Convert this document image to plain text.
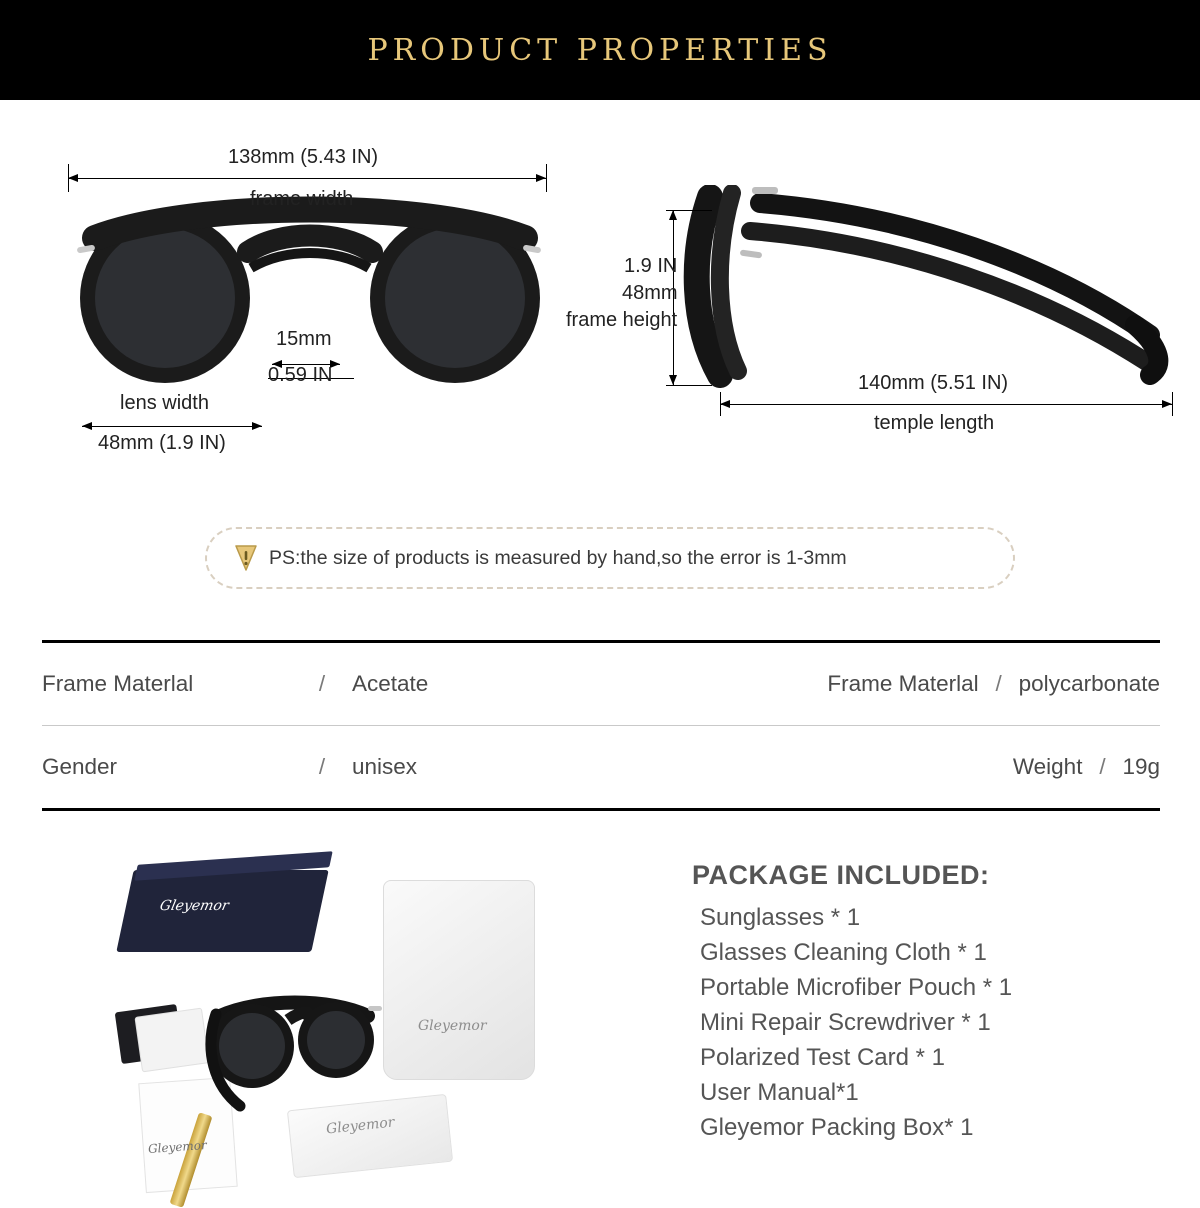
PRODUCT PROPERTIES
138mm (5.43 IN)
frame width
15mm
0.59 IN
lens width
48mm (1.9 IN)
1.9 IN
48mm
frame height
140mm (5.51 IN)
temple length
PS:the size of products is measured by hand,so the error is 1-3mm
Frame Materlal	/	Acetate	Frame Materlal / polycarbonate
Gender	/	unisex	Weight / 19g
Gleyemor
Gleyemor
Gleyemor
Gleyemor
PACKAGE INCLUDED:
Sunglasses * 1
Glasses Cleaning Cloth * 1
Portable Microfiber Pouch * 1
Mini Repair Screwdriver * 1
Polarized Test Card * 1
User Manual*1
Gleyemor Packing Box* 1
